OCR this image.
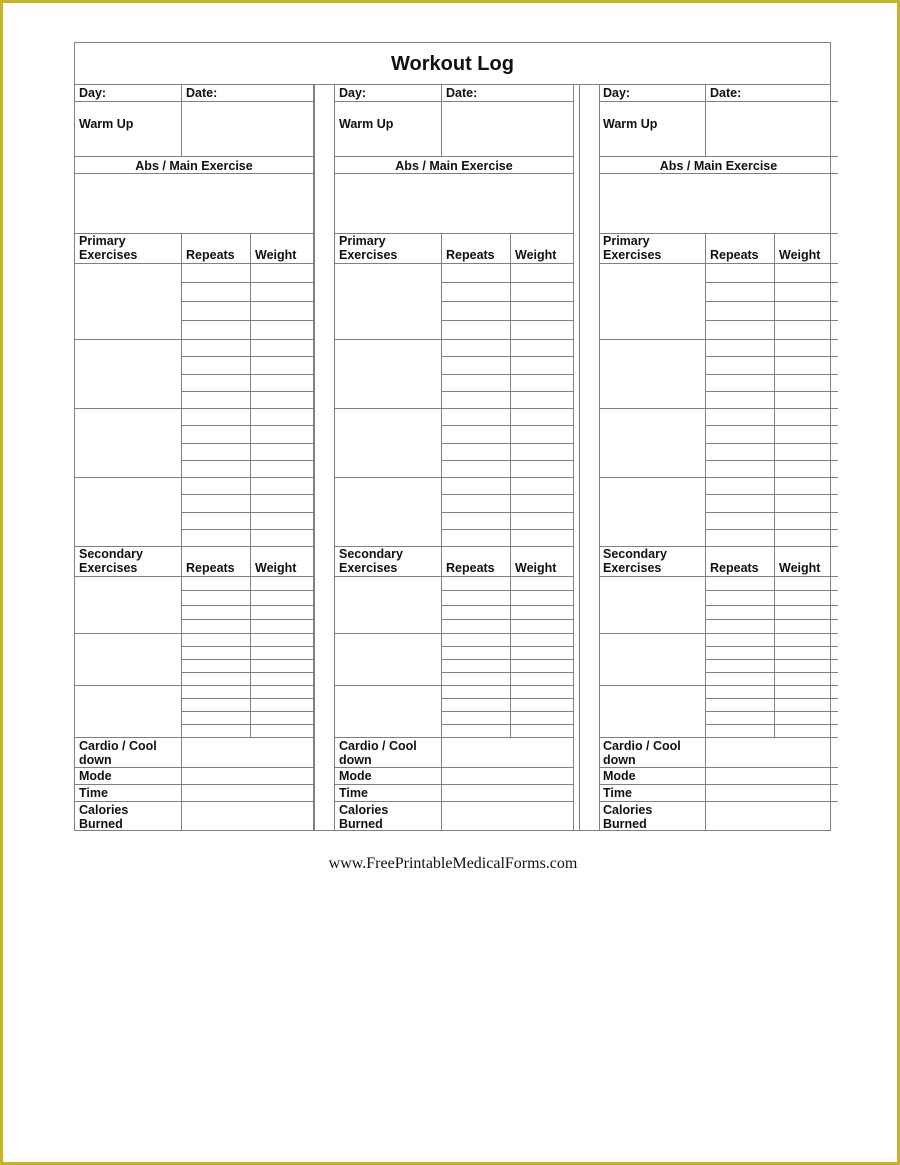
Workout Log
Day:	Date:
Warm Up
Abs / Main Exercise
Primary
Exercises	Repeats	Weight
Secondary
Exercises	Repeats	Weight
Cardio / Cool
down
Mode
Time
Calories
Burned
Day:	Date:
Warm Up
Abs / Main Exercise
Primary
Exercises	Repeats	Weight
Secondary
Exercises	Repeats	Weight
Cardio / Cool
down
Mode
Time
Calories
Burned
Day:	Date:
Warm Up
Abs / Main Exercise
Primary
Exercises	Repeats	Weight
Secondary
Exercises	Repeats	Weight
Cardio / Cool
down
Mode
Time
Calories
Burned
www.FreePrintableMedicalForms.com
